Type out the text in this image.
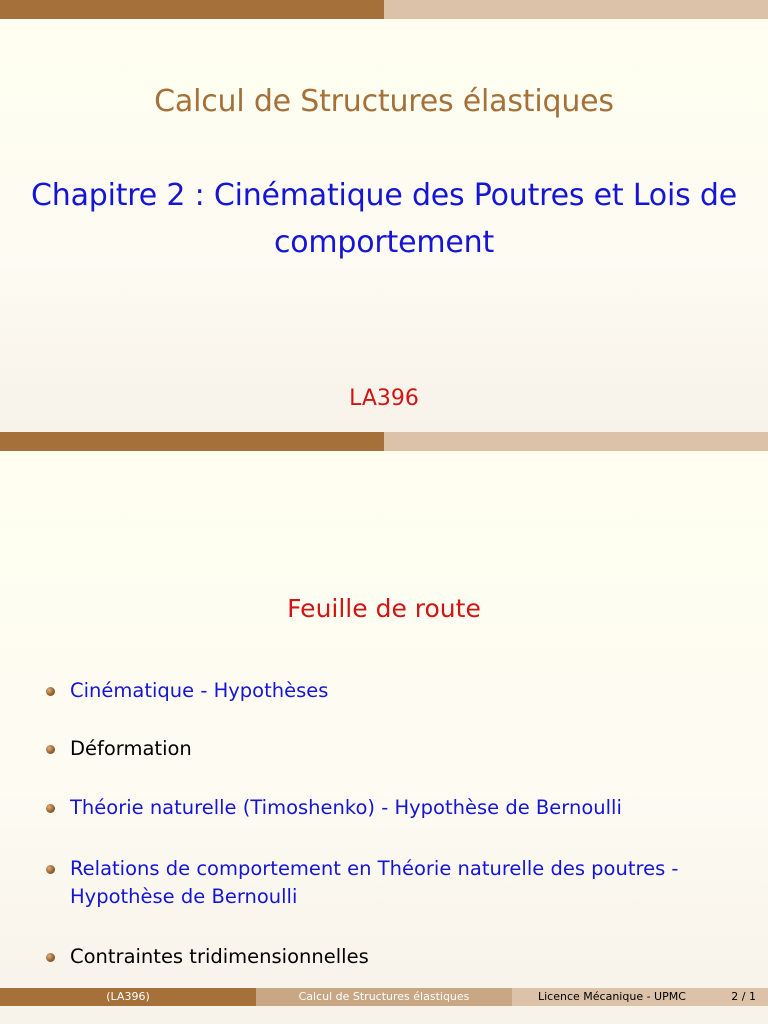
Calcul de Structures élastiques
Chapitre 2 : Cinématique des Poutres et Lois de comportement
LA396
Feuille de route
Cinématique - Hypothèses
Déformation
Théorie naturelle (Timoshenko) - Hypothèse de Bernoulli
Relations de comportement en Théorie naturelle des poutres - Hypothèse de Bernoulli
Contraintes tridimensionnelles
(LA396)	Calcul de Structures élastiques	Licence Mécanique - UPMC	2 / 1
